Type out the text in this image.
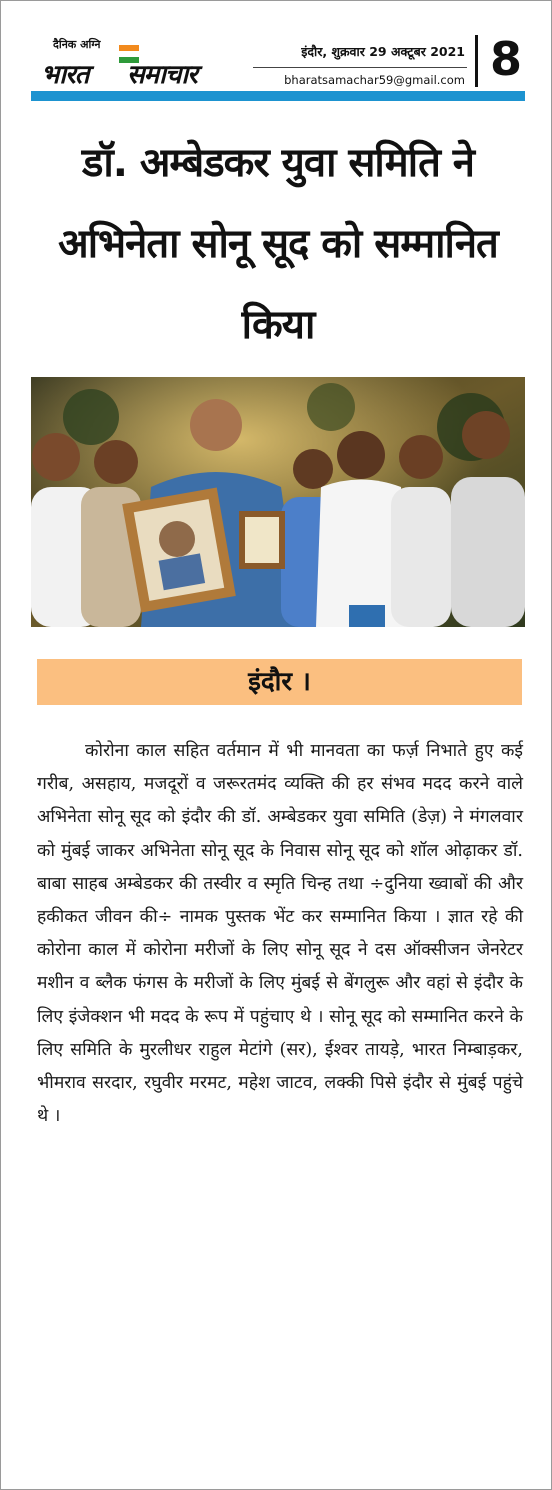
दैनिक अग्नि
भारत समाचार
इंदौर, शुक्रवार 29 अक्टूबर 2021
bharatsamachar59@gmail.com 8
डॉ. अम्बेडकर युवा समिति ने अभिनेता सोनू सूद को सम्मानित किया
इंदौर ।

कोरोना काल सहित वर्तमान में भी मानवता का फर्ज़ निभाते हुए कई गरीब, असहाय, मजदूरों व जरूरतमंद व्यक्ति की हर संभव मदद करने वाले अभिनेता सोनू सूद को इंदौर की डॉ. अम्बेडकर युवा समिति (डेज़) ने मंगलवार को मुंबई जाकर अभिनेता सोनू सूद के निवास सोनू सूद को शॉल ओढ़ाकर डॉ. बाबा साहब अम्बेडकर की तस्वीर व स्मृति चिन्ह तथा ÷दुनिया ख्वाबों की और हकीकत जीवन की÷ नामक पुस्तक भेंट कर सम्मानित किया । ज्ञात रहे की कोरोना काल में कोरोना मरीजों के लिए सोनू सूद ने दस ऑक्सीजन जेनरेटर मशीन व ब्लैक फंगस के मरीजों के लिए मुंबई से बेंगलुरू और वहां से इंदौर के लिए इंजेक्शन भी मदद के रूप में पहुंचाए थे । सोनू सूद को सम्मानित करने के लिए समिति के मुरलीधर राहुल मेटांगे (सर), ईश्वर तायड़े, भारत निम्बाड़कर, भीमराव सरदार, रघुवीर मरमट, महेश जाटव, लक्की पिसे इंदौर से मुंबई पहुंचे थे ।
